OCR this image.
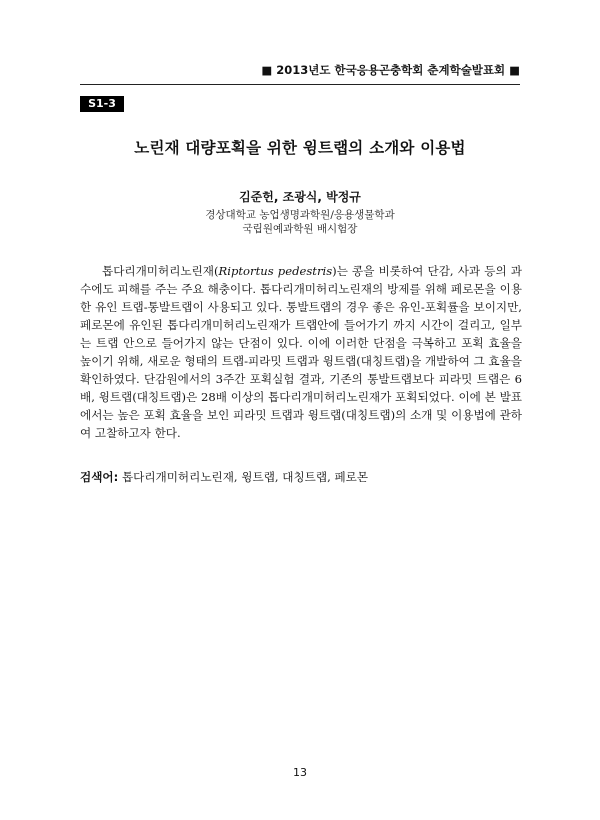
■ 2013년도 한국응용곤충학회 춘계학술발표회 ■
S1-3
노린재 대량포획을 위한 윙트랩의 소개와 이용법
김준헌, 조광식, 박정규
경상대학교 농업생명과학원/응용생물학과
국립원예과학원 배시험장

톱다리개미허리노린재(Riptortus pedestris)는 콩을 비롯하여 단감, 사과 등의 과수에도 피해를 주는 주요 해충이다. 톱다리개미허리노린재의 방제를 위해 페로몬을 이용한 유인 트랩-통발트랩이 사용되고 있다. 통발트랩의 경우 좋은 유인-포획률을 보이지만, 페로몬에 유인된 톱다리개미허리노린재가 트랩안에 들어가기 까지 시간이 걸리고, 일부는 트랩 안으로 들어가지 않는 단점이 있다. 이에 이러한 단점을 극복하고 포획 효율을 높이기 위해, 새로운 형태의 트랩-피라밋 트랩과 윙트랩(대칭트랩)을 개발하여 그 효율을 확인하였다. 단감원에서의 3주간 포획실험 결과, 기존의 통발트랩보다 피라밋 트랩은 6배, 윙트랩(대칭트랩)은 28배 이상의 톱다리개미허리노린재가 포획되었다. 이에 본 발표에서는 높은 포획 효율을 보인 피라밋 트랩과 윙트랩(대칭트랩)의 소개 및 이용법에 관하여 고찰하고자 한다.

검색어: 톱다리개미허리노린재, 윙트랩, 대칭트랩, 페로몬
13
